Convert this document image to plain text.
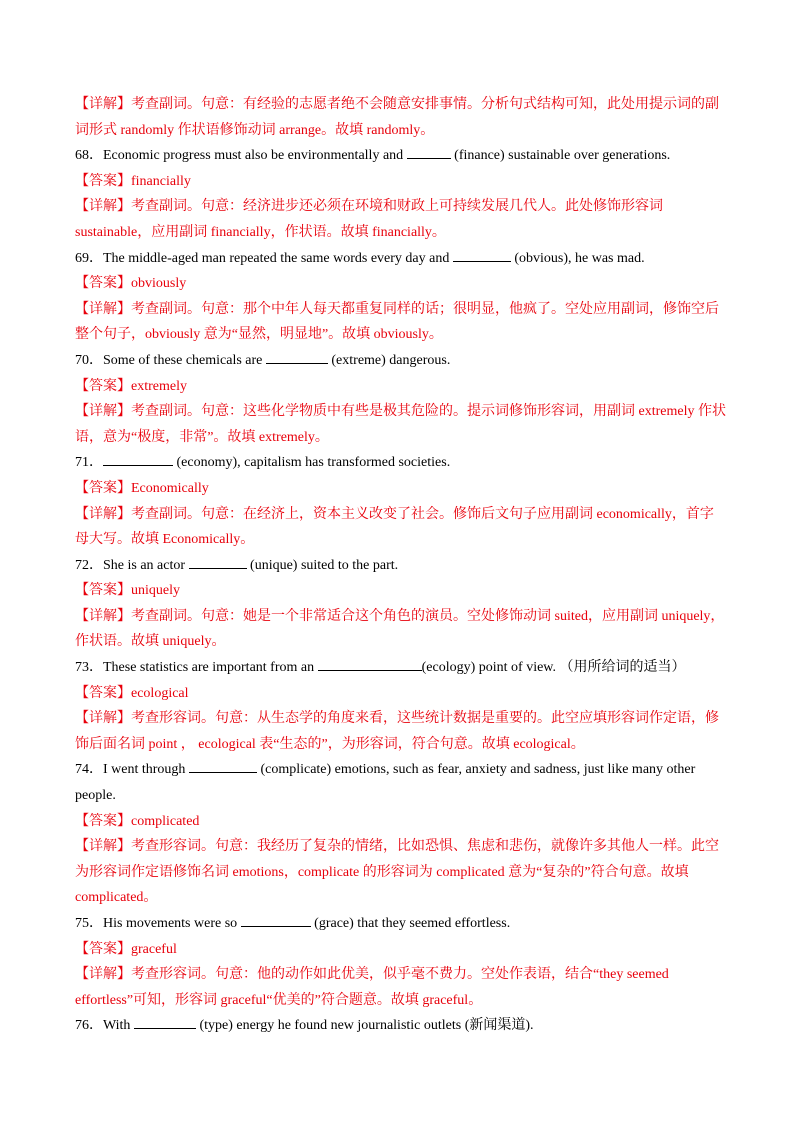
【详解】考查副词。句意：有经验的志愿者绝不会随意安排事情。分析句式结构可知，此处用提示词的副
词形式 randomly 作状语修饰动词 arrange。故填 randomly。
68．Economic progress must also be environmentally and	(finance) sustainable over generations.
【答案】financially
【详解】考查副词。句意：经济进步还必须在环境和财政上可持续发展几代人。此处修饰形容词
sustainable，应用副词 financially，作状语。故填 financially。
69．The middle-aged man repeated the same words every day and	(obvious), he was mad.
【答案】obviously
【详解】考查副词。句意：那个中年人每天都重复同样的话；很明显，他疯了。空处应用副词，修饰空后
整个句子，obviously 意为“显然，明显地”。故填 obviously。
70．Some of these chemicals are	(extreme) dangerous.
【答案】extremely
【详解】考查副词。句意：这些化学物质中有些是极其危险的。提示词修饰形容词，用副词 extremely 作状
语，意为“极度，非常”。故填 extremely。
71．	(economy), capitalism has transformed societies.
【答案】Economically
【详解】考查副词。句意：在经济上，资本主义改变了社会。修饰后文句子应用副词 economically，首字
母大写。故填 Economically。
72．She is an actor	(unique) suited to the part.
【答案】uniquely
【详解】考查副词。句意：她是一个非常适合这个角色的演员。空处修饰动词 suited，应用副词 uniquely，
作状语。故填 uniquely。
73．These statistics are important from an	(ecology) point of view. （用所给词的适当）
【答案】ecological
【详解】考查形容词。句意：从生态学的角度来看，这些统计数据是重要的。此空应填形容词作定语，修
饰后面名词 point ， ecological 表“生态的”，为形容词，符合句意。故填 ecological。
74．I went through	(complicate) emotions, such as fear, anxiety and sadness, just like many other
people.
【答案】complicated
【详解】考查形容词。句意：我经历了复杂的情绪，比如恐惧、焦虑和悲伤，就像许多其他人一样。此空
为形容词作定语修饰名词 emotions，complicate 的形容词为 complicated 意为“复杂的”符合句意。故填
complicated。
75．His movements were so	(grace) that they seemed effortless.
【答案】graceful
【详解】考查形容词。句意：他的动作如此优美，似乎毫不费力。空处作表语，结合“they seemed
effortless”可知，形容词 graceful“优美的”符合题意。故填 graceful。
76．With	(type) energy he found new journalistic outlets (新闻渠道).
